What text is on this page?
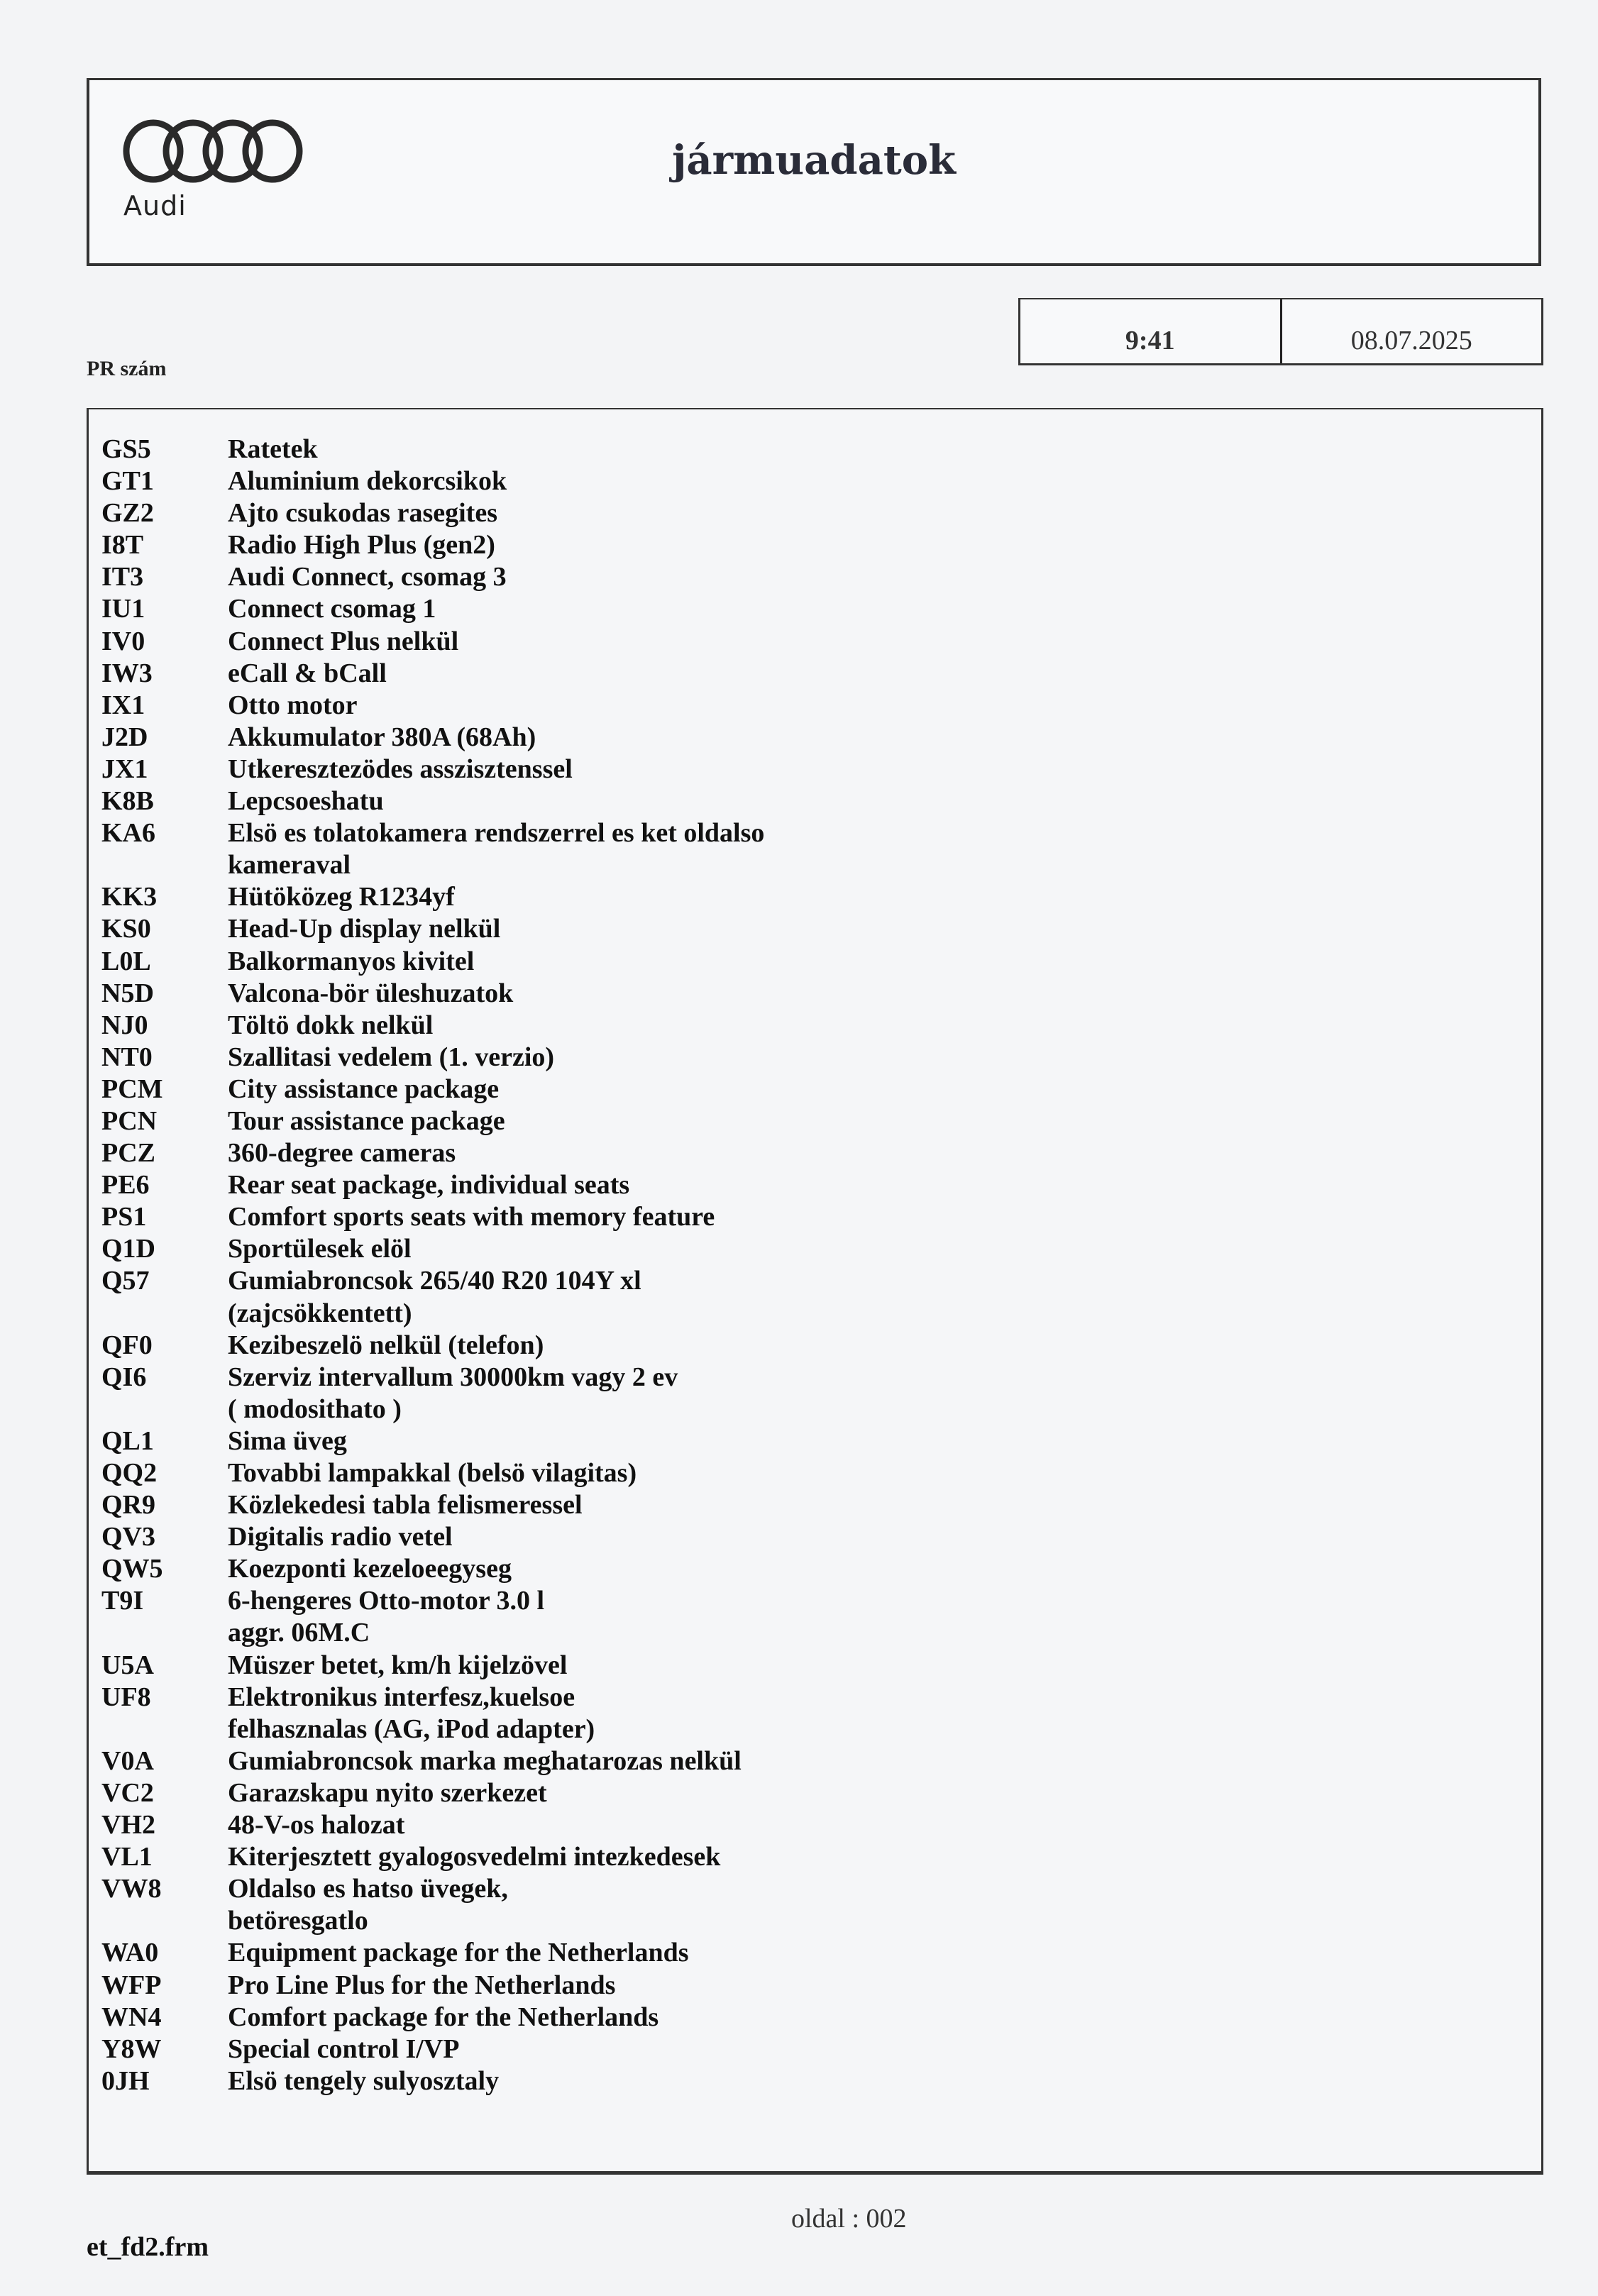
Audi
jármuadatok
9:41	08.07.2025
PR szám
GS5	Ratetek
GT1	Aluminium dekorcsikok
GZ2	Ajto csukodas rasegites
I8T	Radio High Plus (gen2)
IT3	Audi Connect, csomag 3
IU1	Connect csomag 1
IV0	Connect Plus nelkül
IW3	eCall & bCall
IX1	Otto motor
J2D	Akkumulator 380A (68Ah)
JX1	Utkeresztezödes asszisztenssel
K8B	Lepcsoeshatu
KA6	Elsö es tolatokamera rendszerrel es ket oldalso
kameraval
KK3	Hütöközeg R1234yf
KS0	Head-Up display nelkül
L0L	Balkormanyos kivitel
N5D	Valcona-bör üleshuzatok
NJ0	Töltö dokk nelkül
NT0	Szallitasi vedelem (1. verzio)
PCM	City assistance package
PCN	Tour assistance package
PCZ	360-degree cameras
PE6	Rear seat package, individual seats
PS1	Comfort sports seats with memory feature
Q1D	Sportülesek elöl
Q57	Gumiabroncsok 265/40 R20 104Y xl
(zajcsökkentett)
QF0	Kezibeszelö nelkül (telefon)
QI6	Szerviz intervallum 30000km vagy 2 ev
( modosithato )
QL1	Sima üveg
QQ2	Tovabbi lampakkal (belsö vilagitas)
QR9	Közlekedesi tabla felismeressel
QV3	Digitalis radio vetel
QW5	Koezponti kezeloeegyseg
T9I	6-hengeres Otto-motor 3.0 l
aggr. 06M.C
U5A	Müszer betet, km/h kijelzövel
UF8	Elektronikus interfesz,kuelsoe
felhasznalas (AG, iPod adapter)
V0A	Gumiabroncsok marka meghatarozas nelkül
VC2	Garazskapu nyito szerkezet
VH2	48-V-os halozat
VL1	Kiterjesztett gyalogosvedelmi intezkedesek
VW8	Oldalso es hatso üvegek,
betöresgatlo
WA0	Equipment package for the Netherlands
WFP	Pro Line Plus for the Netherlands
WN4	Comfort package for the Netherlands
Y8W	Special control I/VP
0JH	Elsö tengely sulyosztaly
oldal : 002
et_fd2.frm
